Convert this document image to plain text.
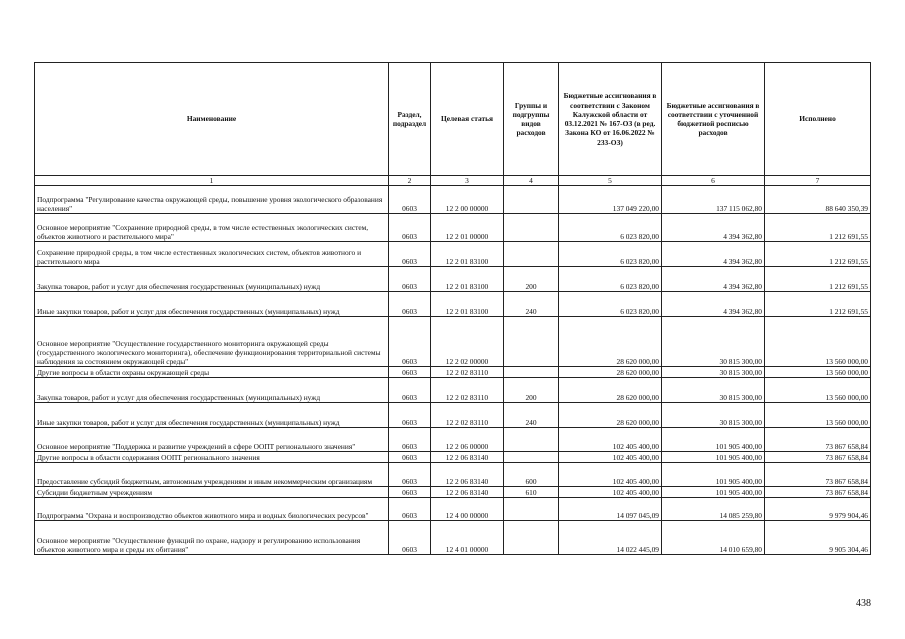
Наименование	Раздел, подраздел	Целевая статья	Группы и подгруппы видов расходов	Бюджетные ассигнования в соответствии с Законом Калужской области от 03.12.2021 № 167-ОЗ (в ред. Закона КО от 16.06.2022 № 233-ОЗ)	Бюджетные ассигнования в соответствии с уточненной бюджетной росписью расходов	Исполнено
1	2	3	4	5	6	7
Подпрограмма "Регулирование качества окружающей среды, повышение уровня экологического образования населения"	0603	12 2 00 00000		137 049 220,00	137 115 062,80	88 640 350,39
Основное мероприятие "Сохранение природной среды, в том числе естественных экологических систем, объектов животного и растительного мира"	0603	12 2 01 00000		6 023 820,00	4 394 362,80	1 212 691,55
Сохранение природной среды, в том числе естественных экологических систем, объектов животного и растительного мира	0603	12 2 01 83100		6 023 820,00	4 394 362,80	1 212 691,55
Закупка товаров, работ и услуг для обеспечения государственных (муниципальных) нужд	0603	12 2 01 83100	200	6 023 820,00	4 394 362,80	1 212 691,55
Иные закупки товаров, работ и услуг для обеспечения государственных (муниципальных) нужд	0603	12 2 01 83100	240	6 023 820,00	4 394 362,80	1 212 691,55
Основное мероприятие "Осуществление государственного мониторинга окружающей среды (государственного экологического мониторинга), обеспечение функционирования территориальной системы наблюдения за состоянием окружающей среды"	0603	12 2 02 00000		28 620 000,00	30 815 300,00	13 560 000,00
Другие вопросы в области охраны окружающей среды	0603	12 2 02 83110		28 620 000,00	30 815 300,00	13 560 000,00
Закупка товаров, работ и услуг для обеспечения государственных (муниципальных) нужд	0603	12 2 02 83110	200	28 620 000,00	30 815 300,00	13 560 000,00
Иные закупки товаров, работ и услуг для обеспечения государственных (муниципальных) нужд	0603	12 2 02 83110	240	28 620 000,00	30 815 300,00	13 560 000,00
Основное мероприятие "Поддержка и развитие учреждений в сфере ООПТ регионального значения"	0603	12 2 06 00000		102 405 400,00	101 905 400,00	73 867 658,84
Другие вопросы в области содержания ООПТ регионального значения	0603	12 2 06 83140		102 405 400,00	101 905 400,00	73 867 658,84
Предоставление субсидий бюджетным, автономным учреждениям и иным некоммерческим организациям	0603	12 2 06 83140	600	102 405 400,00	101 905 400,00	73 867 658,84
Субсидии бюджетным учреждениям	0603	12 2 06 83140	610	102 405 400,00	101 905 400,00	73 867 658,84
Подпрограмма "Охрана и воспроизводство объектов животного мира и водных биологических ресурсов"	0603	12 4 00 00000		14 097 045,09	14 085 259,80	9 979 904,46
Основное мероприятие "Осуществление функций по охране, надзору и регулированию использования объектов животного мира и среды их обитания"	0603	12 4 01 00000		14 022 445,09	14 010 659,80	9 905 304,46
438
